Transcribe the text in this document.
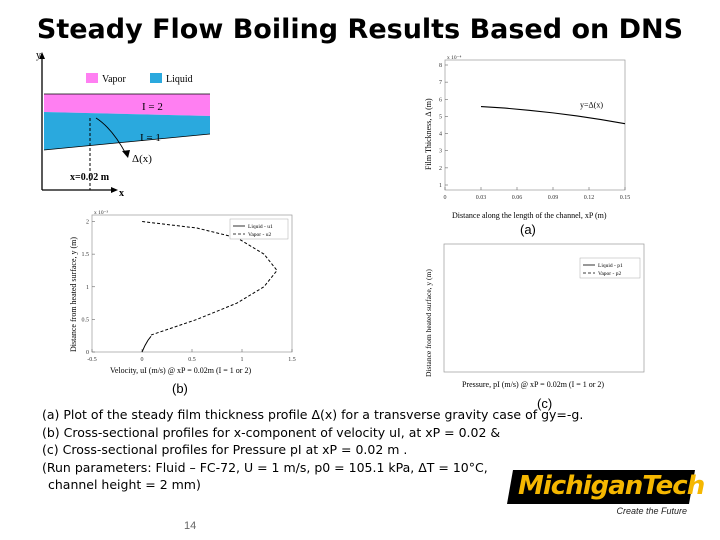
Steady Flow Boiling Results Based on DNS
y
x
Vapor	Liquid
I = 2
I = 1
x=0.02 m
Δ(x)
0	0.03	0.06	0.09	0.12	0.15
1
2
3
4
5
6
7
8
x 10⁻⁴
y=Δ(x)
Film Thickness, Δ (m)
Distance along the length of the channel, xP (m)
(a)
-0.5	0	0.5	1	1.5
0
0.5
1
1.5
2
x 10⁻³
Liquid - u1
Vapor - u2
Distance from heated surface, y (m)
Velocity, uI (m/s) @ xP = 0.02m (I = 1 or 2)
(b)
Liquid - p1
Vapor - p2
Distance from heated surface, y (m)
Pressure, pI (m/s) @ xP = 0.02m (I = 1 or 2)
(c)
(a) Plot of the steady film thickness profile Δ(x) for a transverse gravity case of gy=-g.
(b) Cross-sectional profiles for x-component of velocity uI, at xP = 0.02 &
(c) Cross-sectional profiles for Pressure pI at xP = 0.02 m .
(Run parameters: Fluid – FC-72, U = 1 m/s, p0 = 105.1 kPa, ΔT = 10°C,
channel height = 2 mm)	MichiganTech
Create the Future
14
